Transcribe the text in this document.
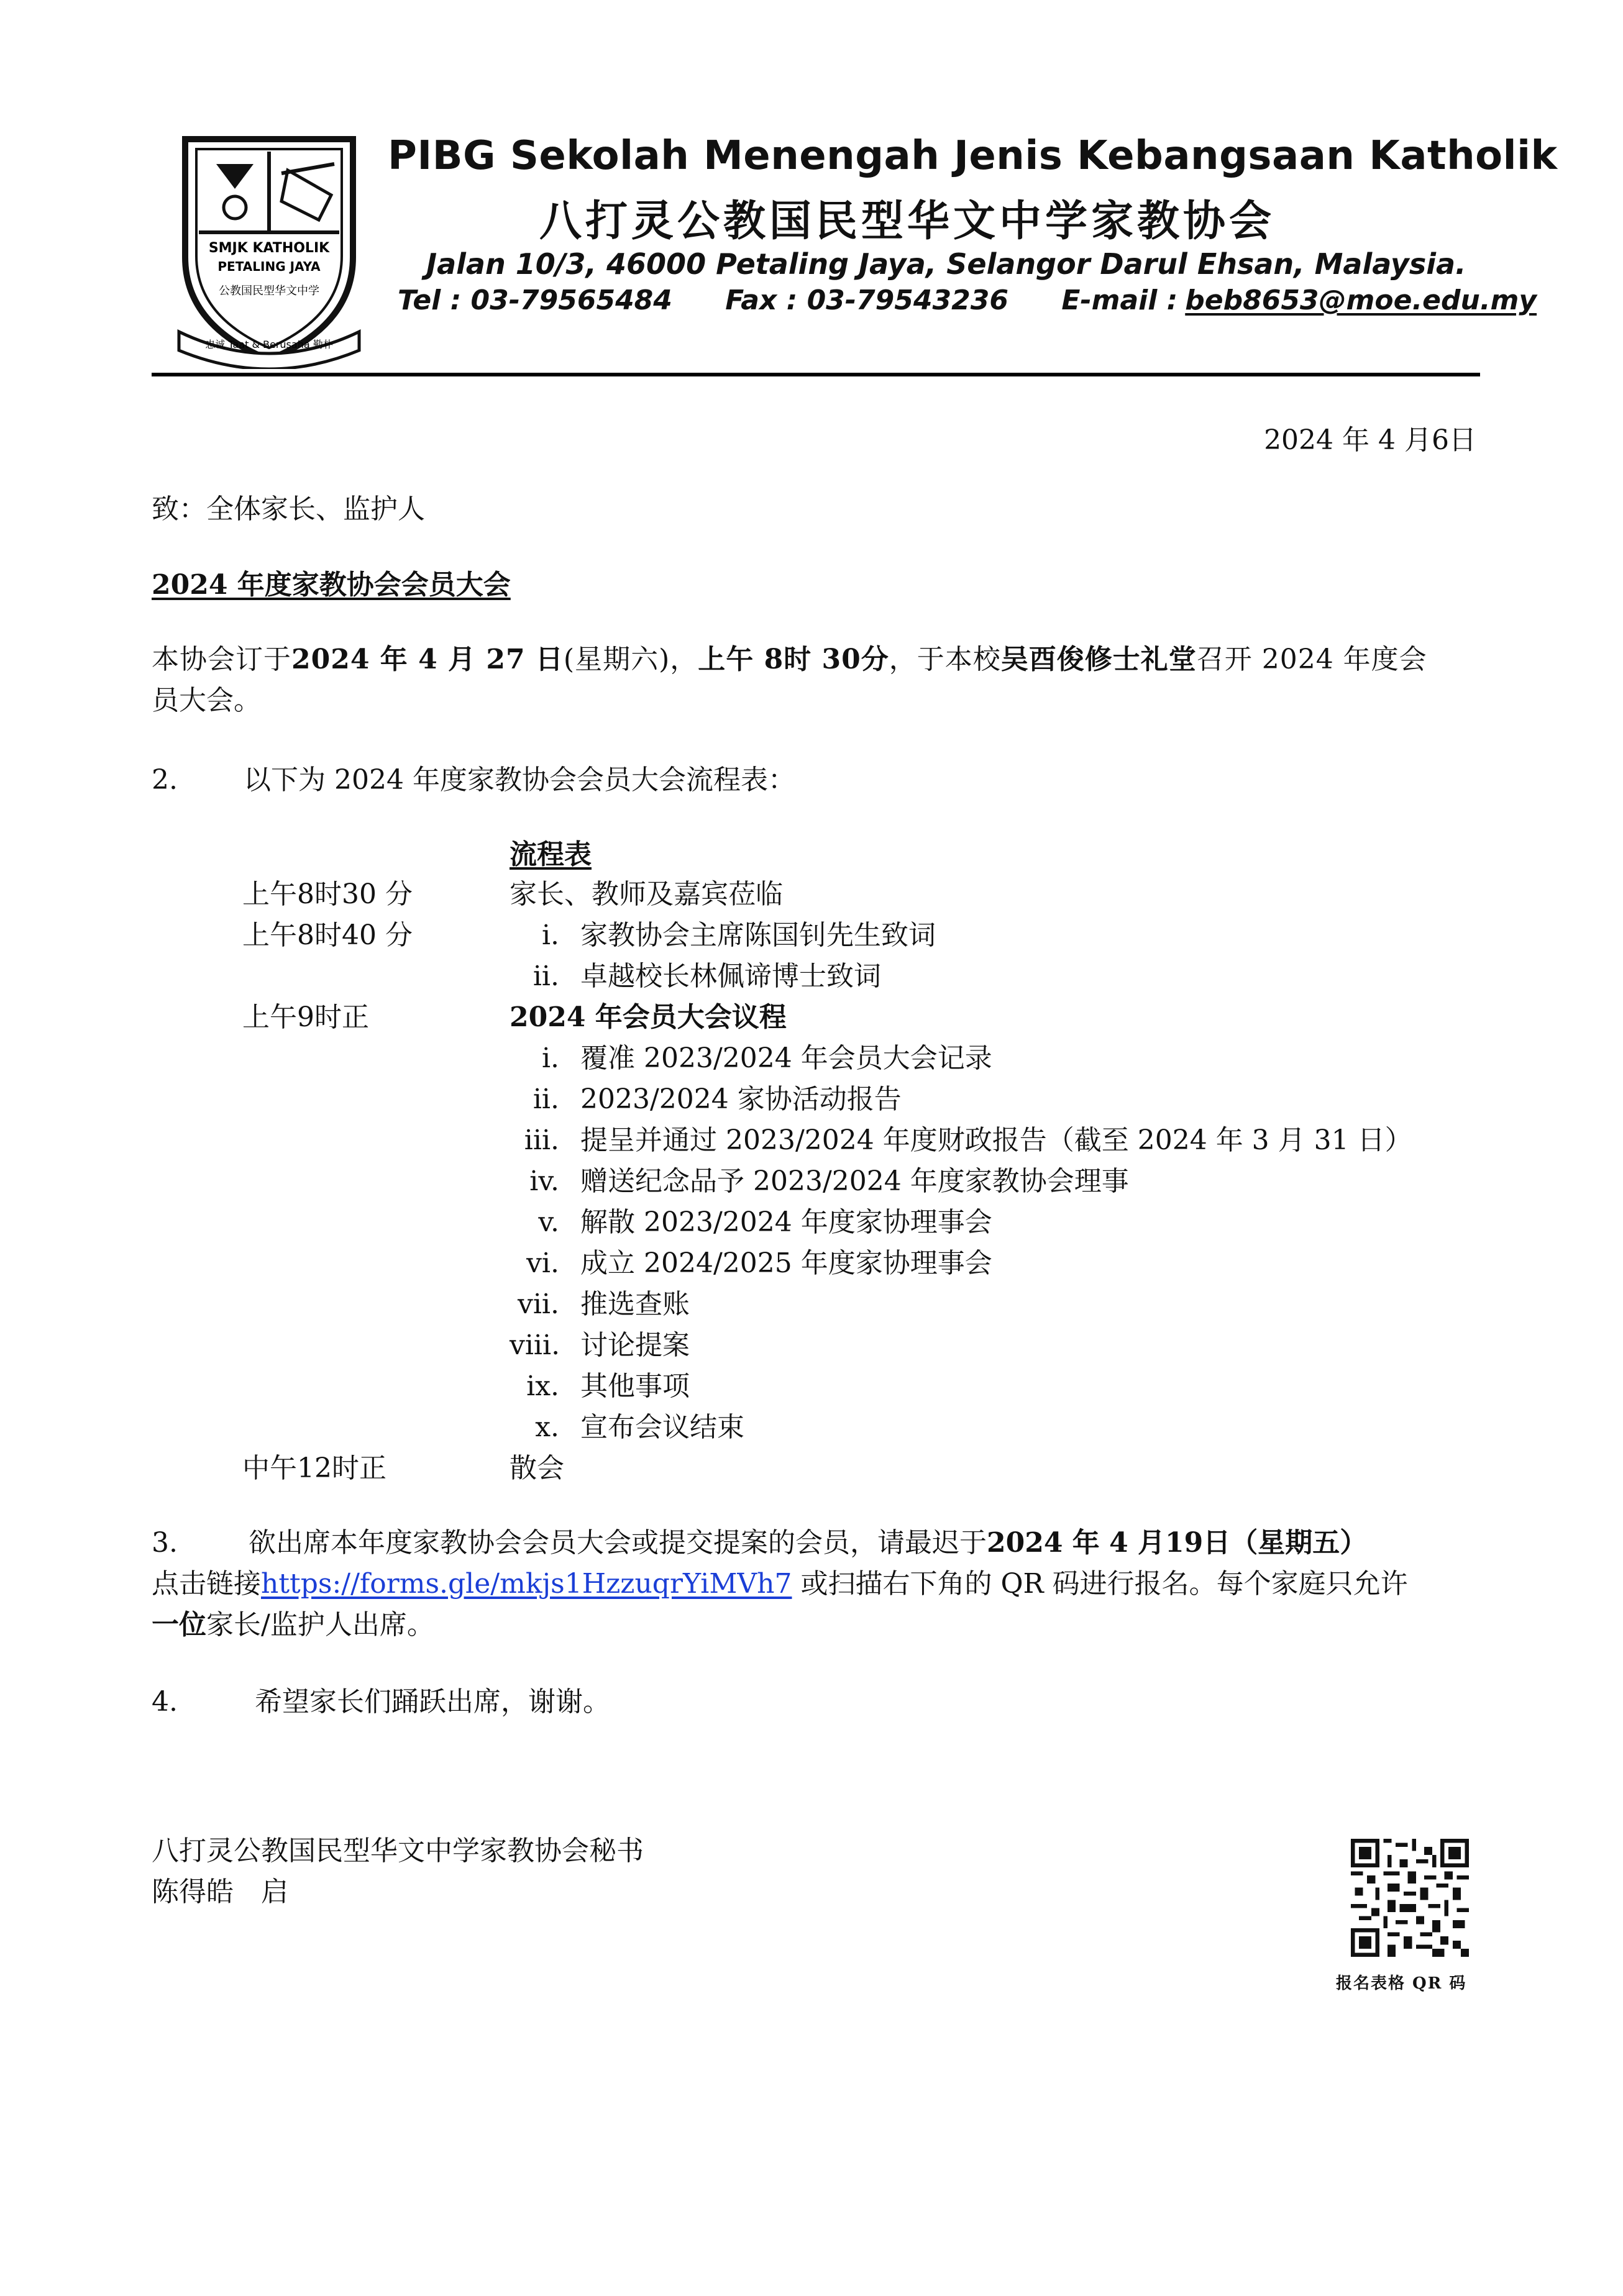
SMJK KATHOLIK
PETALING JAYA
公教国民型华文中学
忠诚 Taat & Berusaha 勤朴
PIBG Sekolah Menengah Jenis Kebangsaan Katholik
八打灵公教国民型华文中学家教协会
Jalan 10/3, 46000 Petaling Jaya, Selangor Darul Ehsan, Malaysia.
Tel : 03-79565484 Fax : 03-79543236 E-mail : beb8653@moe.edu.my
2024 年 4 月6日
致：全体家长、监护人
2024 年度家教协会会员大会
本协会订于2024 年 4 月 27 日(星期六)，上午 8时 30分，于本校吴酉俊修士礼堂召开 2024 年度会
员大会。
2. 以下为 2024 年度家教协会会员大会流程表：
流程表
上午8时30 分	家长、教师及嘉宾莅临
上午8时40 分	i. 家教协会主席陈国钊先生致词
ii. 卓越校长林佩谛博士致词
上午9时正	2024 年会员大会议程
i. 覆准 2023/2024 年会员大会记录
ii. 2023/2024 家协活动报告
iii. 提呈并通过 2023/2024 年度财政报告（截至 2024 年 3 月 31 日）
iv. 赠送纪念品予 2023/2024 年度家教协会理事
v. 解散 2023/2024 年度家协理事会
vi. 成立 2024/2025 年度家协理事会
vii. 推选查账
viii. 讨论提案
ix. 其他事项
x. 宣布会议结束
中午12时正	散会
3.	欲出席本年度家教协会会员大会或提交提案的会员，请最迟于2024 年 4 月19日（星期五）
点击链接https://forms.gle/mkjs1HzzuqrYiMVh7 或扫描右下角的 QR 码进行报名。每个家庭只允许
一位家长/监护人出席。
4.	希望家长们踊跃出席，谢谢。
八打灵公教国民型华文中学家教协会秘书
陈得皓　启
报名表格 QR 码
